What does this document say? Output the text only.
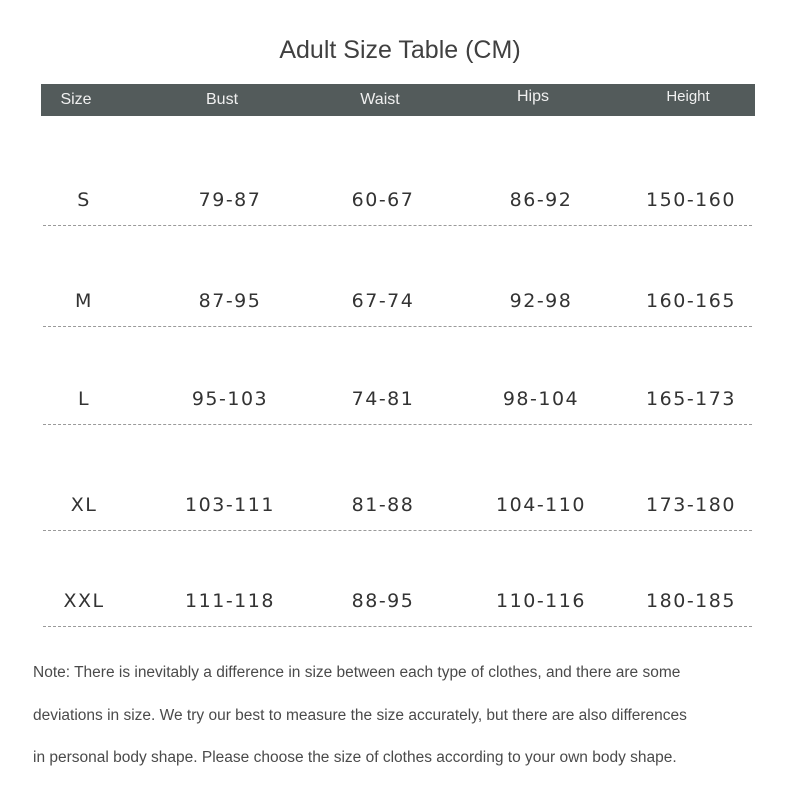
Adult Size Table (CM)
Size	Bust	Waist	Hips	Height
S	79-87	60-67	86-92	150-160
M	87-95	67-74	92-98	160-165
L	95-103	74-81	98-104	165-173
XL	103-111	81-88	104-110	173-180
XXL	111-118	88-95	110-116	180-185
Note: There is inevitably a difference in size between each type of clothes, and there are some
deviations in size. We try our best to measure the size accurately, but there are also differences
in personal body shape. Please choose the size of clothes according to your own body shape.
